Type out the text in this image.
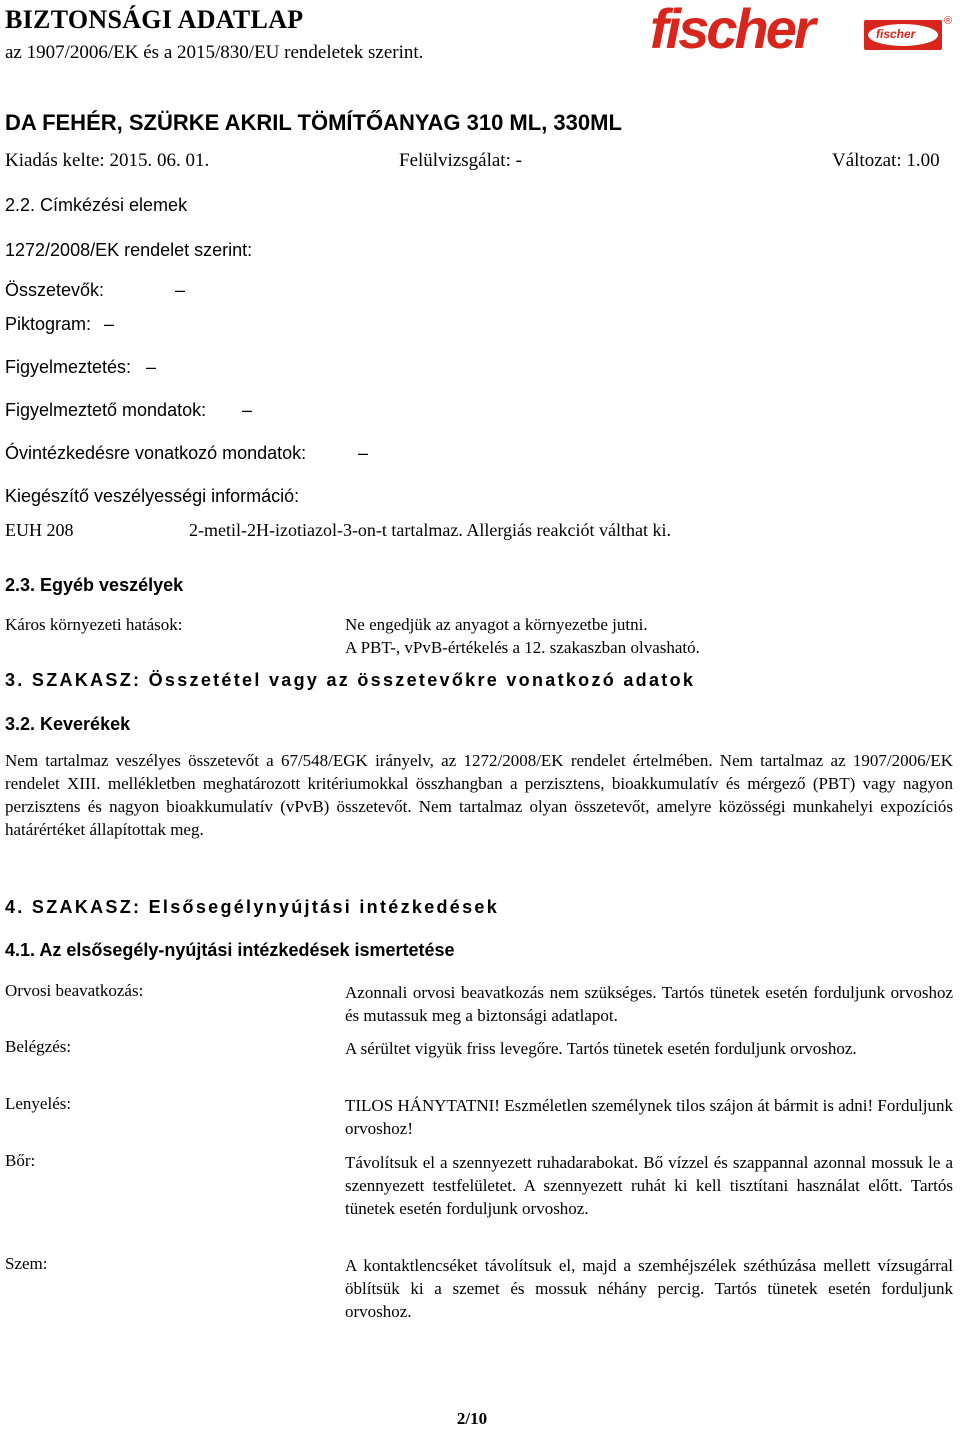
BIZTONSÁGI ADATLAP
az 1907/2006/EK és a 2015/830/EU rendeletek szerint.	fischer	fischer
®
DA FEHÉR, SZÜRKE AKRIL TÖMÍTŐANYAG 310 ML, 330ML
Kiadás kelte: 2015. 06. 01.	Felülvizsgálat: -	Változat: 1.00
2.2. Címkézési elemek
1272/2008/EK rendelet szerint:
Összetevők:	–
Piktogram: –
Figyelmeztetés: –
Figyelmeztető mondatok: –
Óvintézkedésre vonatkozó mondatok:	–
Kiegészítő veszélyességi információ:
EUH 208	2-metil-2H-izotiazol-3-on-t tartalmaz. Allergiás reakciót válthat ki.
2.3. Egyéb veszélyek
Káros környezeti hatások:	Ne engedjük az anyagot a környezetbe jutni.
A PBT-, vPvB-értékelés a 12. szakaszban olvasható.
3. SZAKASZ: Összetétel vagy az összetevőkre vonatkozó adatok
3.2. Keverékek
Nem tartalmaz veszélyes összetevőt a 67/548/EGK irányelv, az 1272/2008/EK rendelet értelmében. Nem tartalmaz az 1907/2006/EK rendelet XIII. mellékletben meghatározott kritériumokkal összhangban a perzisztens, bioakkumulatív és mérgező (PBT) vagy nagyon perzisztens és nagyon bioakkumulatív (vPvB) összetevőt. Nem tartalmaz olyan összetevőt, amelyre közösségi munkahelyi expozíciós határértéket állapítottak meg.
4. SZAKASZ: Elsősegélynyújtási intézkedések
4.1. Az elsősegély-nyújtási intézkedések ismertetése
Orvosi beavatkozás:	Azonnali orvosi beavatkozás nem szükséges. Tartós tünetek esetén forduljunk orvoshoz és mutassuk meg a biztonsági adatlapot.
Belégzés:	A sérültet vigyük friss levegőre. Tartós tünetek esetén forduljunk orvoshoz.
Lenyelés:	TILOS HÁNYTATNI! Eszméletlen személynek tilos szájon át bármit is adni! Forduljunk orvoshoz!
Bőr:	Távolítsuk el a szennyezett ruhadarabokat. Bő vízzel és szappannal azonnal mossuk le a szennyezett testfelületet. A szennyezett ruhát ki kell tisztítani használat előtt. Tartós tünetek esetén forduljunk orvoshoz.
Szem:	A kontaktlencséket távolítsuk el, majd a szemhéjszélek széthúzása mellett vízsugárral öblítsük ki a szemet és mossuk néhány percig. Tartós tünetek esetén forduljunk orvoshoz.
2/10
